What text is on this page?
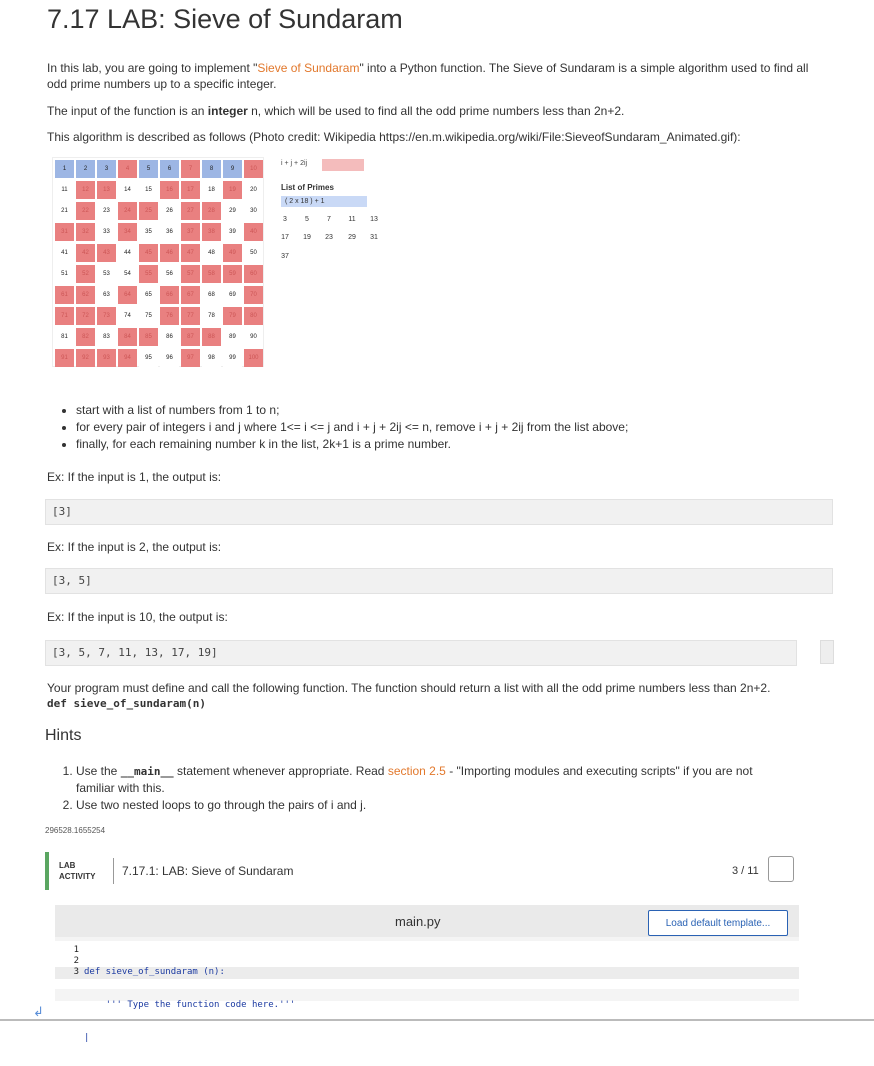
7.17 LAB: Sieve of Sundaram
In this lab, you are going to implement "Sieve of Sundaram" into a Python function. The Sieve of Sundaram is a simple algorithm used to find all odd prime numbers up to a specific integer.
The input of the function is an integer n, which will be used to find all the odd prime numbers less than 2n+2.
This algorithm is described as follows (Photo credit: Wikipedia https://en.m.wikipedia.org/wiki/File:SieveofSundaram_Animated.gif):
1	2	3	4	5	6	7	8	9	10
11	12	13	14	15	16	17	18	19	20
21	22	23	24	25	26	27	28	29	30
31	32	33	34	35	36	37	38	39	40
41	42	43	44	45	46	47	48	49	50
51	52	53	54	55	56	57	58	59	60
61	62	63	64	65	66	67	68	69	70
71	72	73	74	75	76	77	78	79	80
81	82	83	84	85	86	87	88	89	90
91	92	93	94	95	96	97	98	99	100
i + j + 2ij
List of Primes
( 2 x 18 ) + 1
3	5	7	11	13
17	19	23	29	31
37
• start with a list of numbers from 1 to n;
• for every pair of integers i and j where 1<= i <= j and i + j + 2ij <= n, remove i + j + 2ij from the list above;
• finally, for each remaining number k in the list, 2k+1 is a prime number.
Ex: If the input is 1, the output is:
[3]
Ex: If the input is 2, the output is:
[3, 5]
Ex: If the input is 10, the output is:
[3, 5, 7, 11, 13, 17, 19]
Your program must define and call the following function. The function should return a list with all the odd prime numbers less than 2n+2.
def sieve_of_sundaram(n)
Hints
1. Use the __main__ statement whenever appropriate. Read section 2.5 - "Importing modules and executing scripts" if you are not familiar with this.
2. Use two nested loops to go through the pairs of i and j.
296528.1655254
LAB
ACTIVITY 7.17.1: LAB: Sieve of Sundaram	3 / 11
main.py	Load default template...
1
2
3

def sieve_of_sundaram (n):

''' Type the function code here.'''

|

↲
